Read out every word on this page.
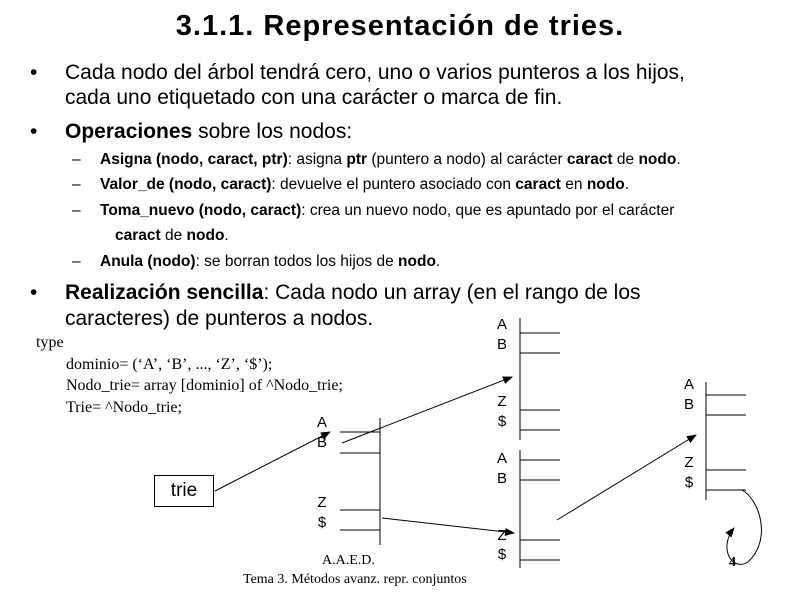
3.1.1. Representación de tries.
• Cada nodo del árbol tendrá cero, uno o varios punteros a los hijos,
cada uno etiquetado con una carácter o marca de fin.
• Operaciones sobre los nodos:
– Asigna (nodo, caract, ptr): asigna ptr (puntero a nodo) al carácter caract de nodo.
– Valor_de (nodo, caract): devuelve el puntero asociado con caract en nodo.
– Toma_nuevo (nodo, caract): crea un nuevo nodo, que es apuntado por el carácter
caract de nodo.
– Anula (nodo): se borran todos los hijos de nodo.
• Realización sencilla: Cada nodo un array (en el rango de los
caracteres) de punteros a nodos.
type
dominio= (‘A’, ‘B’, ..., ‘Z’, ‘$’);
Nodo_trie= array [dominio] of ^Nodo_trie;
Trie= ^Nodo_trie;
A
B
Z
$
A
B
Z
$
A
B
Z
$
A
B
Z
$
trie
A.A.E.D.
Tema 3. Métodos avanz. repr. conjuntos
4
